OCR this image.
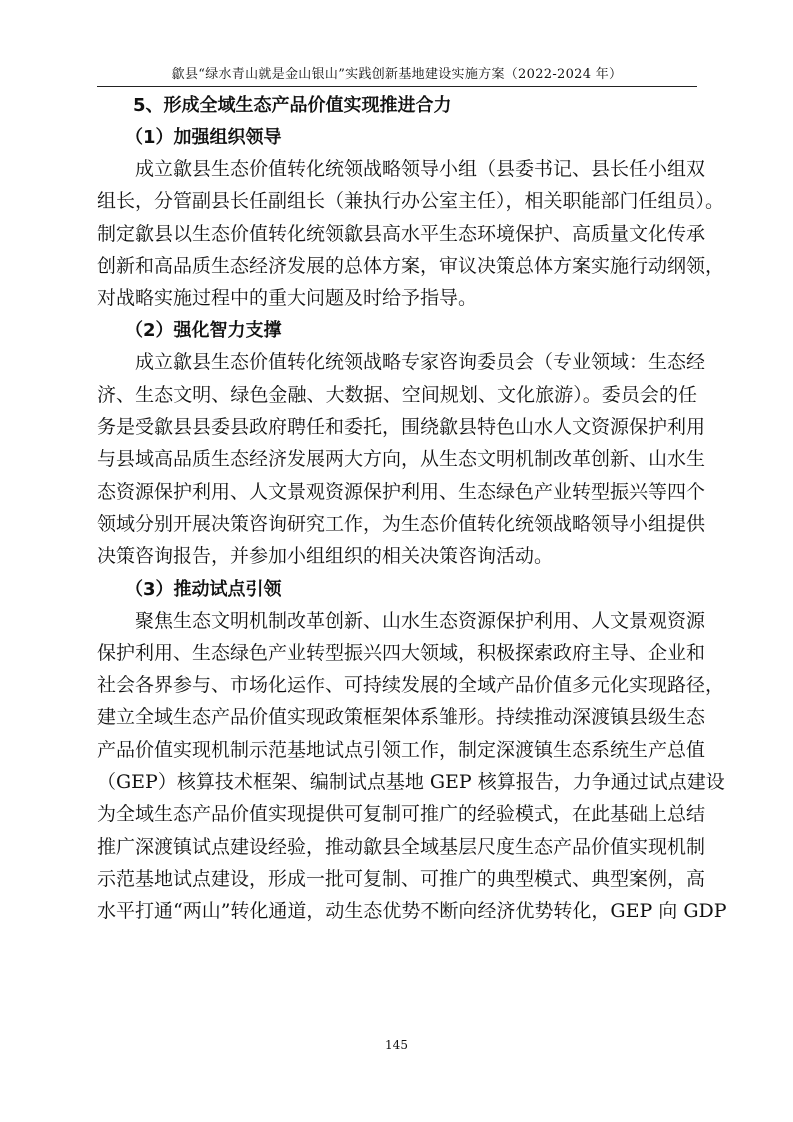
歙县“绿水青山就是金山银山”实践创新基地建设实施方案（2022-2024 年）
5、形成全域生态产品价值实现推进合力
（1）加强组织领导

成立歙县生态价值转化统领战略领导小组（县委书记、县长任小组双
组长，分管副县长任副组长（兼执行办公室主任），相关职能部门任组员）。
制定歙县以生态价值转化统领歙县高水平生态环境保护、高质量文化传承
创新和高品质生态经济发展的总体方案，审议决策总体方案实施行动纲领，
对战略实施过程中的重大问题及时给予指导。

（2）强化智力支撑

成立歙县生态价值转化统领战略专家咨询委员会（专业领域：生态经
济、生态文明、绿色金融、大数据、空间规划、文化旅游）。委员会的任
务是受歙县县委县政府聘任和委托，围绕歙县特色山水人文资源保护利用
与县域高品质生态经济发展两大方向，从生态文明机制改革创新、山水生
态资源保护利用、人文景观资源保护利用、生态绿色产业转型振兴等四个
领域分别开展决策咨询研究工作，为生态价值转化统领战略领导小组提供
决策咨询报告，并参加小组组织的相关决策咨询活动。

（3）推动试点引领

聚焦生态文明机制改革创新、山水生态资源保护利用、人文景观资源
保护利用、生态绿色产业转型振兴四大领域，积极探索政府主导、企业和
社会各界参与、市场化运作、可持续发展的全域产品价值多元化实现路径，
建立全域生态产品价值实现政策框架体系雏形。持续推动深渡镇县级生态
产品价值实现机制示范基地试点引领工作，制定深渡镇生态系统生产总值
（GEP）核算技术框架、编制试点基地 GEP 核算报告，力争通过试点建设
为全域生态产品价值实现提供可复制可推广的经验模式，在此基础上总结
推广深渡镇试点建设经验，推动歙县全域基层尺度生态产品价值实现机制
示范基地试点建设，形成一批可复制、可推广的典型模式、典型案例，高
水平打通“两山”转化通道，动生态优势不断向经济优势转化，GEP 向 GDP

145
